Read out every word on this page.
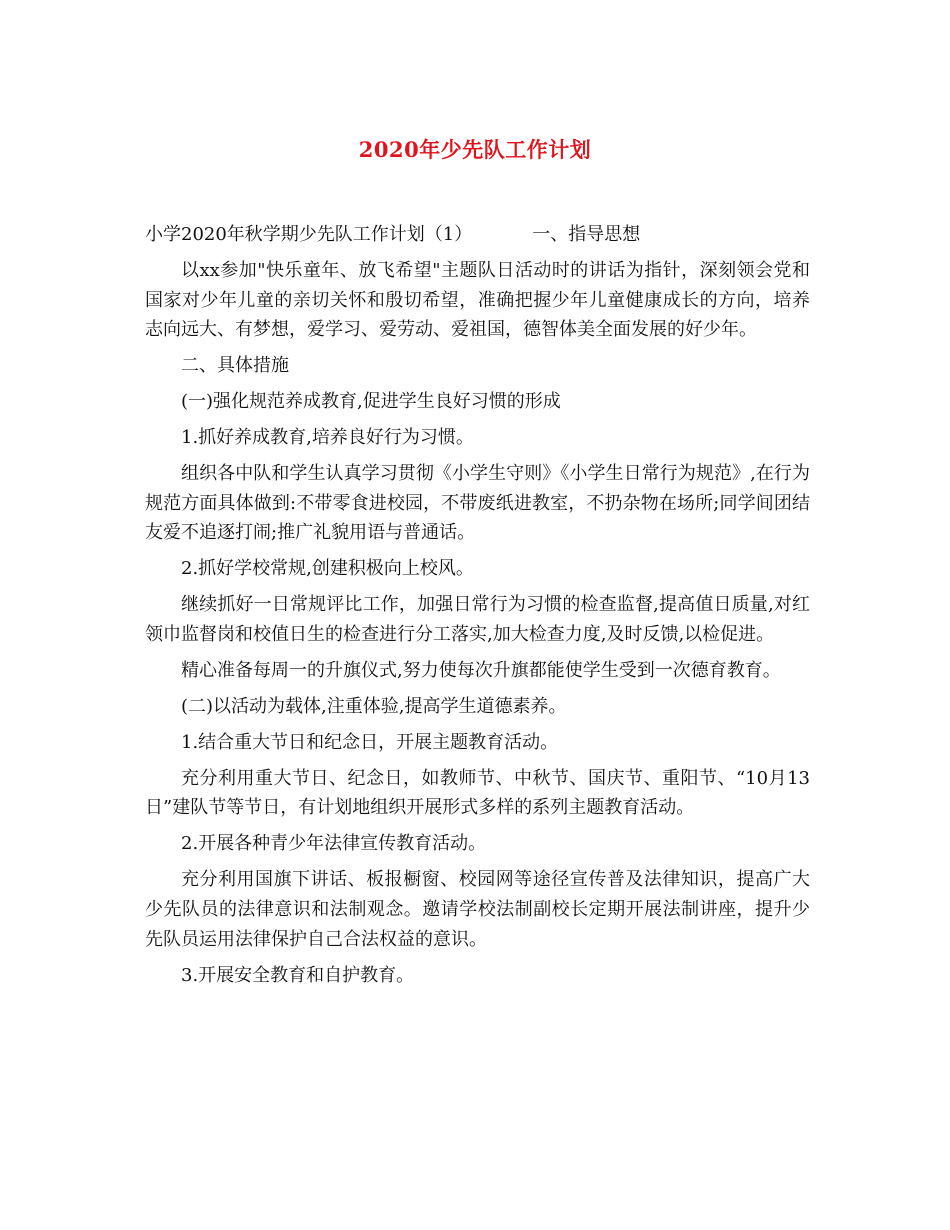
2020年少先队工作计划

小学2020年秋学期少先队工作计划（1）	一、指导思想

以xx参加"快乐童年、放飞希望"主题队日活动时的讲话为指针，深刻领会党和国家对少年儿童的亲切关怀和殷切希望，准确把握少年儿童健康成长的方向，培养志向远大、有梦想，爱学习、爱劳动、爱祖国，德智体美全面发展的好少年。

二、具体措施

(一)强化规范养成教育,促进学生良好习惯的形成

1.抓好养成教育,培养良好行为习惯。

组织各中队和学生认真学习贯彻《小学生守则》《小学生日常行为规范》,在行为规范方面具体做到:不带零食进校园，不带废纸进教室，不扔杂物在场所;同学间团结友爱不追逐打闹;推广礼貌用语与普通话。

2.抓好学校常规,创建积极向上校风。

继续抓好一日常规评比工作，加强日常行为习惯的检查监督,提高值日质量,对红领巾监督岗和校值日生的检查进行分工落实,加大检查力度,及时反馈,以检促进。

精心准备每周一的升旗仪式,努力使每次升旗都能使学生受到一次德育教育。

(二)以活动为载体,注重体验,提高学生道德素养。

1.结合重大节日和纪念日，开展主题教育活动。

充分利用重大节日、纪念日，如教师节、中秋节、国庆节、重阳节、“10月13日”建队节等节日，有计划地组织开展形式多样的系列主题教育活动。

2.开展各种青少年法律宣传教育活动。

充分利用国旗下讲话、板报橱窗、校园网等途径宣传普及法律知识，提高广大少先队员的法律意识和法制观念。邀请学校法制副校长定期开展法制讲座，提升少先队员运用法律保护自己合法权益的意识。

3.开展安全教育和自护教育。
